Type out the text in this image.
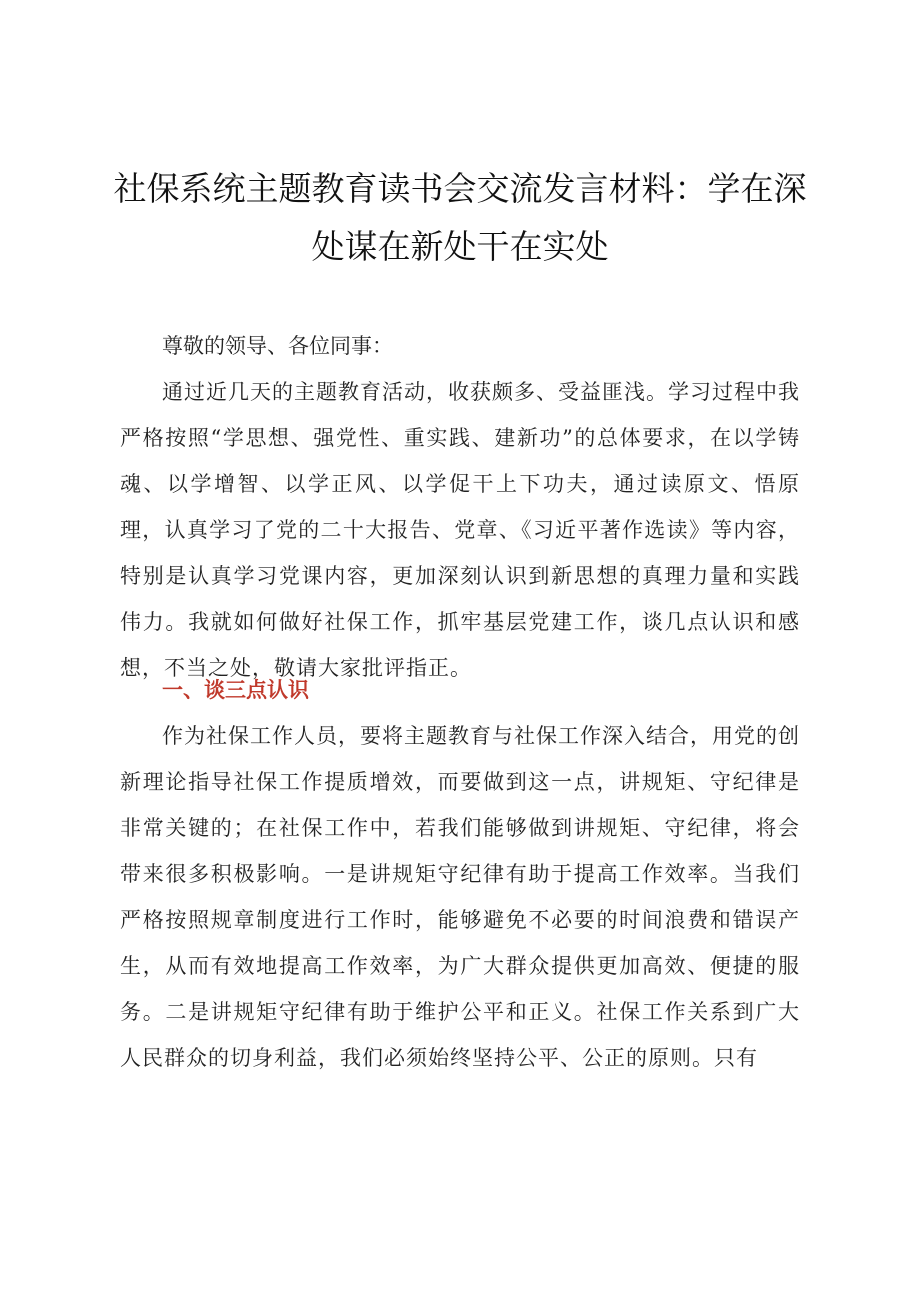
社保系统主题教育读书会交流发言材料：学在深处谋在新处干在实处

尊敬的领导、各位同事：

通过近几天的主题教育活动，收获颇多、受益匪浅。学习过程中我严格按照“学思想、强党性、重实践、建新功”的总体要求，在以学铸魂、以学增智、以学正风、以学促干上下功夫，通过读原文、悟原理，认真学习了党的二十大报告、党章、《习近平著作选读》等内容，特别是认真学习党课内容，更加深刻认识到新思想的真理力量和实践伟力。我就如何做好社保工作，抓牢基层党建工作，谈几点认识和感想，不当之处，敬请大家批评指正。

一、谈三点认识

作为社保工作人员，要将主题教育与社保工作深入结合，用党的创新理论指导社保工作提质增效，而要做到这一点，讲规矩、守纪律是非常关键的；在社保工作中，若我们能够做到讲规矩、守纪律，将会带来很多积极影响。一是讲规矩守纪律有助于提高工作效率。当我们严格按照规章制度进行工作时，能够避免不必要的时间浪费和错误产生，从而有效地提高工作效率，为广大群众提供更加高效、便捷的服务。二是讲规矩守纪律有助于维护公平和正义。社保工作关系到广大人民群众的切身利益，我们必须始终坚持公平、公正的原则。只有
